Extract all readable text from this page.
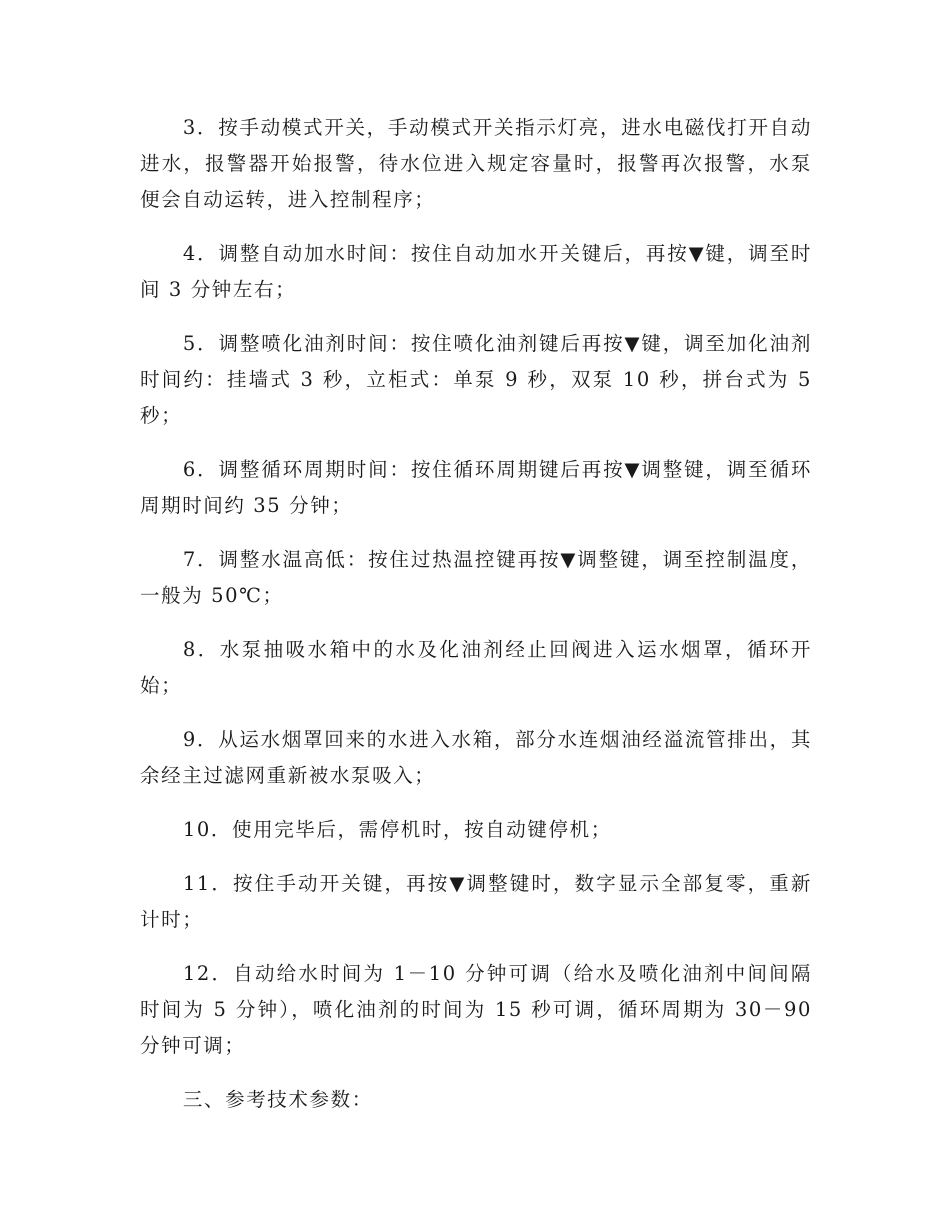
3．按手动模式开关，手动模式开关指示灯亮，进水电磁伐打开自动进水，报警器开始报警，待水位进入规定容量时，报警再次报警，水泵便会自动运转，进入控制程序；

4．调整自动加水时间：按住自动加水开关键后，再按▼键，调至时间 3 分钟左右；

5．调整喷化油剂时间：按住喷化油剂键后再按▼键，调至加化油剂时间约：挂墙式 3 秒，立柜式：单泵 9 秒，双泵 10 秒，拼台式为 5 秒；

6．调整循环周期时间：按住循环周期键后再按▼调整键，调至循环周期时间约 35 分钟；

7．调整水温高低：按住过热温控键再按▼调整键，调至控制温度，一般为 50℃；

8．水泵抽吸水箱中的水及化油剂经止回阀进入运水烟罩，循环开始；

9．从运水烟罩回来的水进入水箱，部分水连烟油经溢流管排出，其余经主过滤网重新被水泵吸入；

10．使用完毕后，需停机时，按自动键停机；

11．按住手动开关键，再按▼调整键时，数字显示全部复零，重新计时；

12．自动给水时间为 1－10 分钟可调（给水及喷化油剂中间间隔时间为 5 分钟），喷化油剂的时间为 15 秒可调，循环周期为 30－90 分钟可调；

三、参考技术参数：
